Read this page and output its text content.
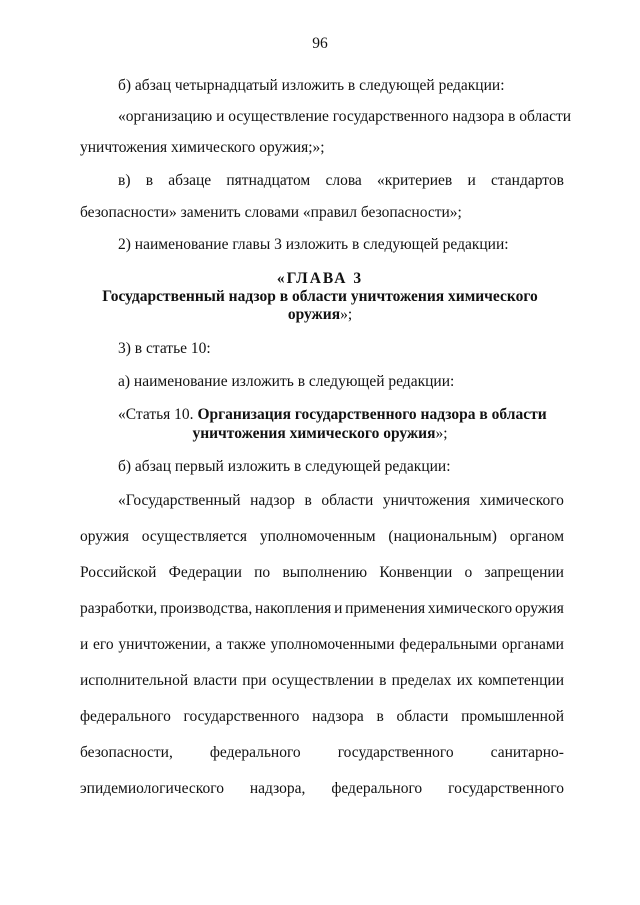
96
б) абзац четырнадцатый изложить в следующей редакции:
«организацию и осуществление государственного надзора в области
уничтожения химического оружия;»;
в) в абзаце пятнадцатом слова «критериев и стандартов
безопасности» заменить словами «правил безопасности»;
2) наименование главы 3 изложить в следующей редакции:
«ГЛАВА 3
Государственный надзор в области уничтожения химического
оружия»;
3) в статье 10:
а) наименование изложить в следующей редакции:
«Статья 10. Организация государственного надзора в области
уничтожения химического оружия»;
б) абзац первый изложить в следующей редакции:
«Государственный надзор в области уничтожения химического
оружия осуществляется уполномоченным (национальным) органом
Российской Федерации по выполнению Конвенции о запрещении
разработки, производства, накопления и применения химического оружия
и его уничтожении, а также уполномоченными федеральными органами
исполнительной власти при осуществлении в пределах их компетенции
федерального государственного надзора в области промышленной
безопасности, федерального государственного санитарно-
эпидемиологического надзора, федерального государственного
